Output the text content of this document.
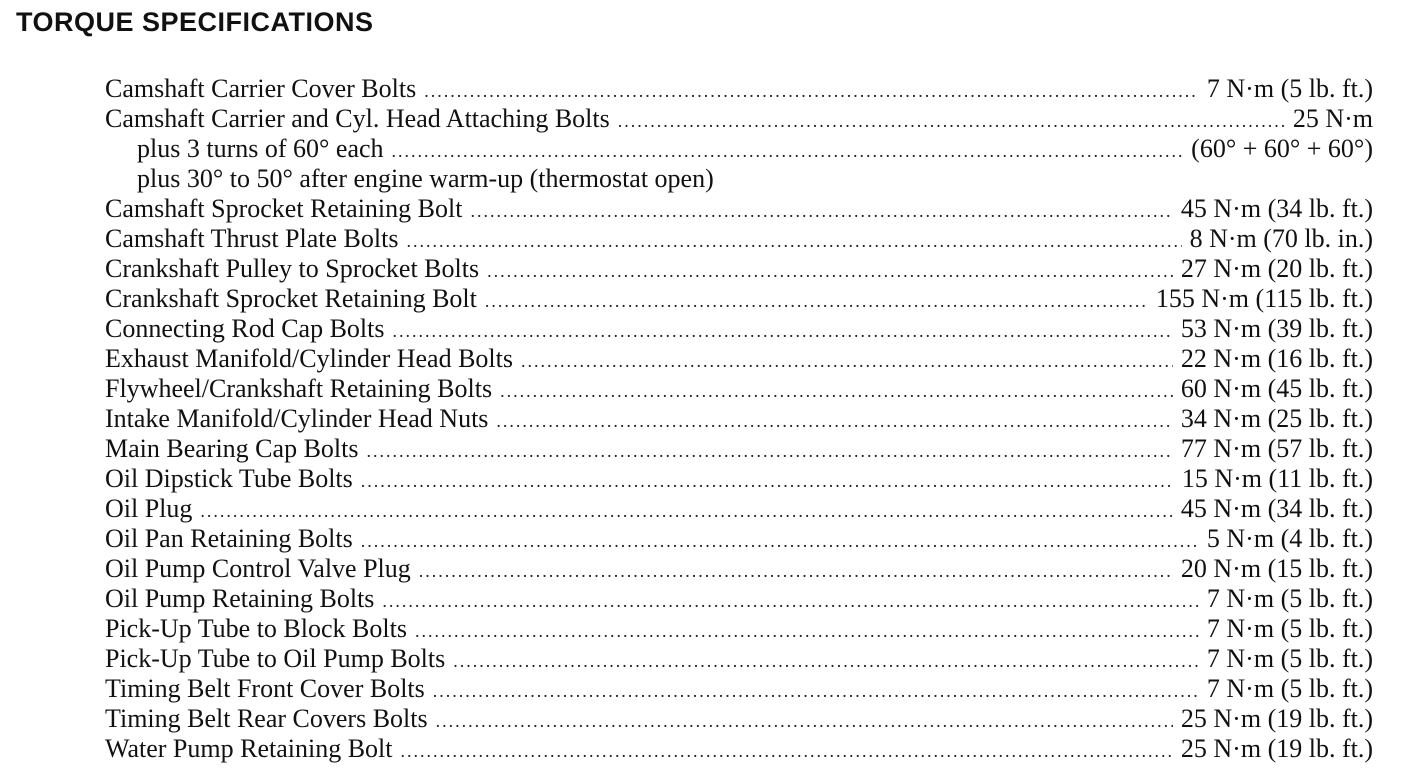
TORQUE SPECIFICATIONS
Camshaft Carrier Cover Bolts .....	7 N·m (5 lb. ft.)
Camshaft Carrier and Cyl. Head Attaching Bolts .....	25 N·m
plus 3 turns of 60° each .....	(60° + 60° + 60°)
plus 30° to 50° after engine warm-up (thermostat open)
Camshaft Sprocket Retaining Bolt .....	45 N·m (34 lb. ft.)
Camshaft Thrust Plate Bolts .....	8 N·m (70 lb. in.)
Crankshaft Pulley to Sprocket Bolts .....	27 N·m (20 lb. ft.)
Crankshaft Sprocket Retaining Bolt .....	155 N·m (115 lb. ft.)
Connecting Rod Cap Bolts .....	53 N·m (39 lb. ft.)
Exhaust Manifold/Cylinder Head Bolts .....	22 N·m (16 lb. ft.)
Flywheel/Crankshaft Retaining Bolts .....	60 N·m (45 lb. ft.)
Intake Manifold/Cylinder Head Nuts .....	34 N·m (25 lb. ft.)
Main Bearing Cap Bolts .....	77 N·m (57 lb. ft.)
Oil Dipstick Tube Bolts .....	15 N·m (11 lb. ft.)
Oil Plug .....	45 N·m (34 lb. ft.)
Oil Pan Retaining Bolts .....	5 N·m (4 lb. ft.)
Oil Pump Control Valve Plug .....	20 N·m (15 lb. ft.)
Oil Pump Retaining Bolts .....	7 N·m (5 lb. ft.)
Pick-Up Tube to Block Bolts .....	7 N·m (5 lb. ft.)
Pick-Up Tube to Oil Pump Bolts .....	7 N·m (5 lb. ft.)
Timing Belt Front Cover Bolts .....	7 N·m (5 lb. ft.)
Timing Belt Rear Covers Bolts .....	25 N·m (19 lb. ft.)
Water Pump Retaining Bolt .....	25 N·m (19 lb. ft.)
